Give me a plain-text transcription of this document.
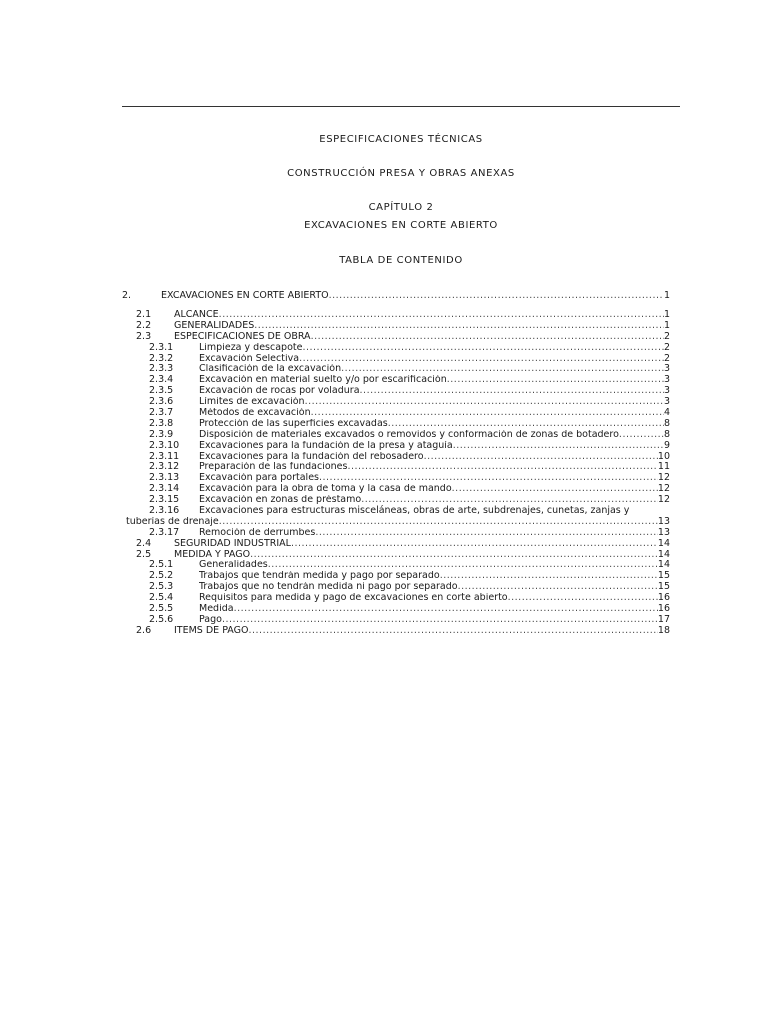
ESPECIFICACIONES TÉCNICAS
CONSTRUCCIÓN PRESA Y OBRAS ANEXAS
CAPÍTULO 2
EXCAVACIONES EN CORTE ABIERTO
TABLA DE CONTENIDO
2.	EXCAVACIONES EN CORTE ABIERTO .....	1
2.1 ALCANCE .....	1
2.2 GENERALIDADES .....	1
2.3 ESPECIFICACIONES DE OBRA .....	2
2.3.1	Limpieza y descapote .....	2
2.3.2	Excavación Selectiva .....	2
2.3.3	Clasificación de la excavación .....	3
2.3.4	Excavación en material suelto y/o por escarificación .....	3
2.3.5	Excavación de rocas por voladura .....	3
2.3.6	Límites de excavación .....	3
2.3.7	Métodos de excavación .....	4
2.3.8	Protección de las superficies excavadas .....	8
2.3.9	Disposición de materiales excavados o removidos y conformación de zonas de botadero .....	8
2.3.10 Excavaciones para la fundación de la presa y ataguía .....	9
2.3.11 Excavaciones para la fundación del rebosadero .....	10
2.3.12 Preparación de las fundaciones .....	11
2.3.13 Excavación para portales .....	12
2.3.14 Excavación para la obra de toma y la casa de mando .....	12
2.3.15 Excavación en zonas de préstamo .....	12
2.3.16 Excavaciones para estructuras misceláneas, obras de arte, subdrenajes, cunetas, zanjas y
tuberías de drenaje .....	13
2.3.17 Remoción de derrumbes .....	13
2.4 SEGURIDAD INDUSTRIAL .....	14
2.5 MEDIDA Y PAGO .....	14
2.5.1	Generalidades .....	14
2.5.2	Trabajos que tendrán medida y pago por separado .....	15
2.5.3	Trabajos que no tendrán medida ni pago por separado .....	15
2.5.4	Requisitos para medida y pago de excavaciones en corte abierto .....	16
2.5.5	Medida .....	16
2.5.6	Pago .....	17
2.6 ÍTEMS DE PAGO .....	18
